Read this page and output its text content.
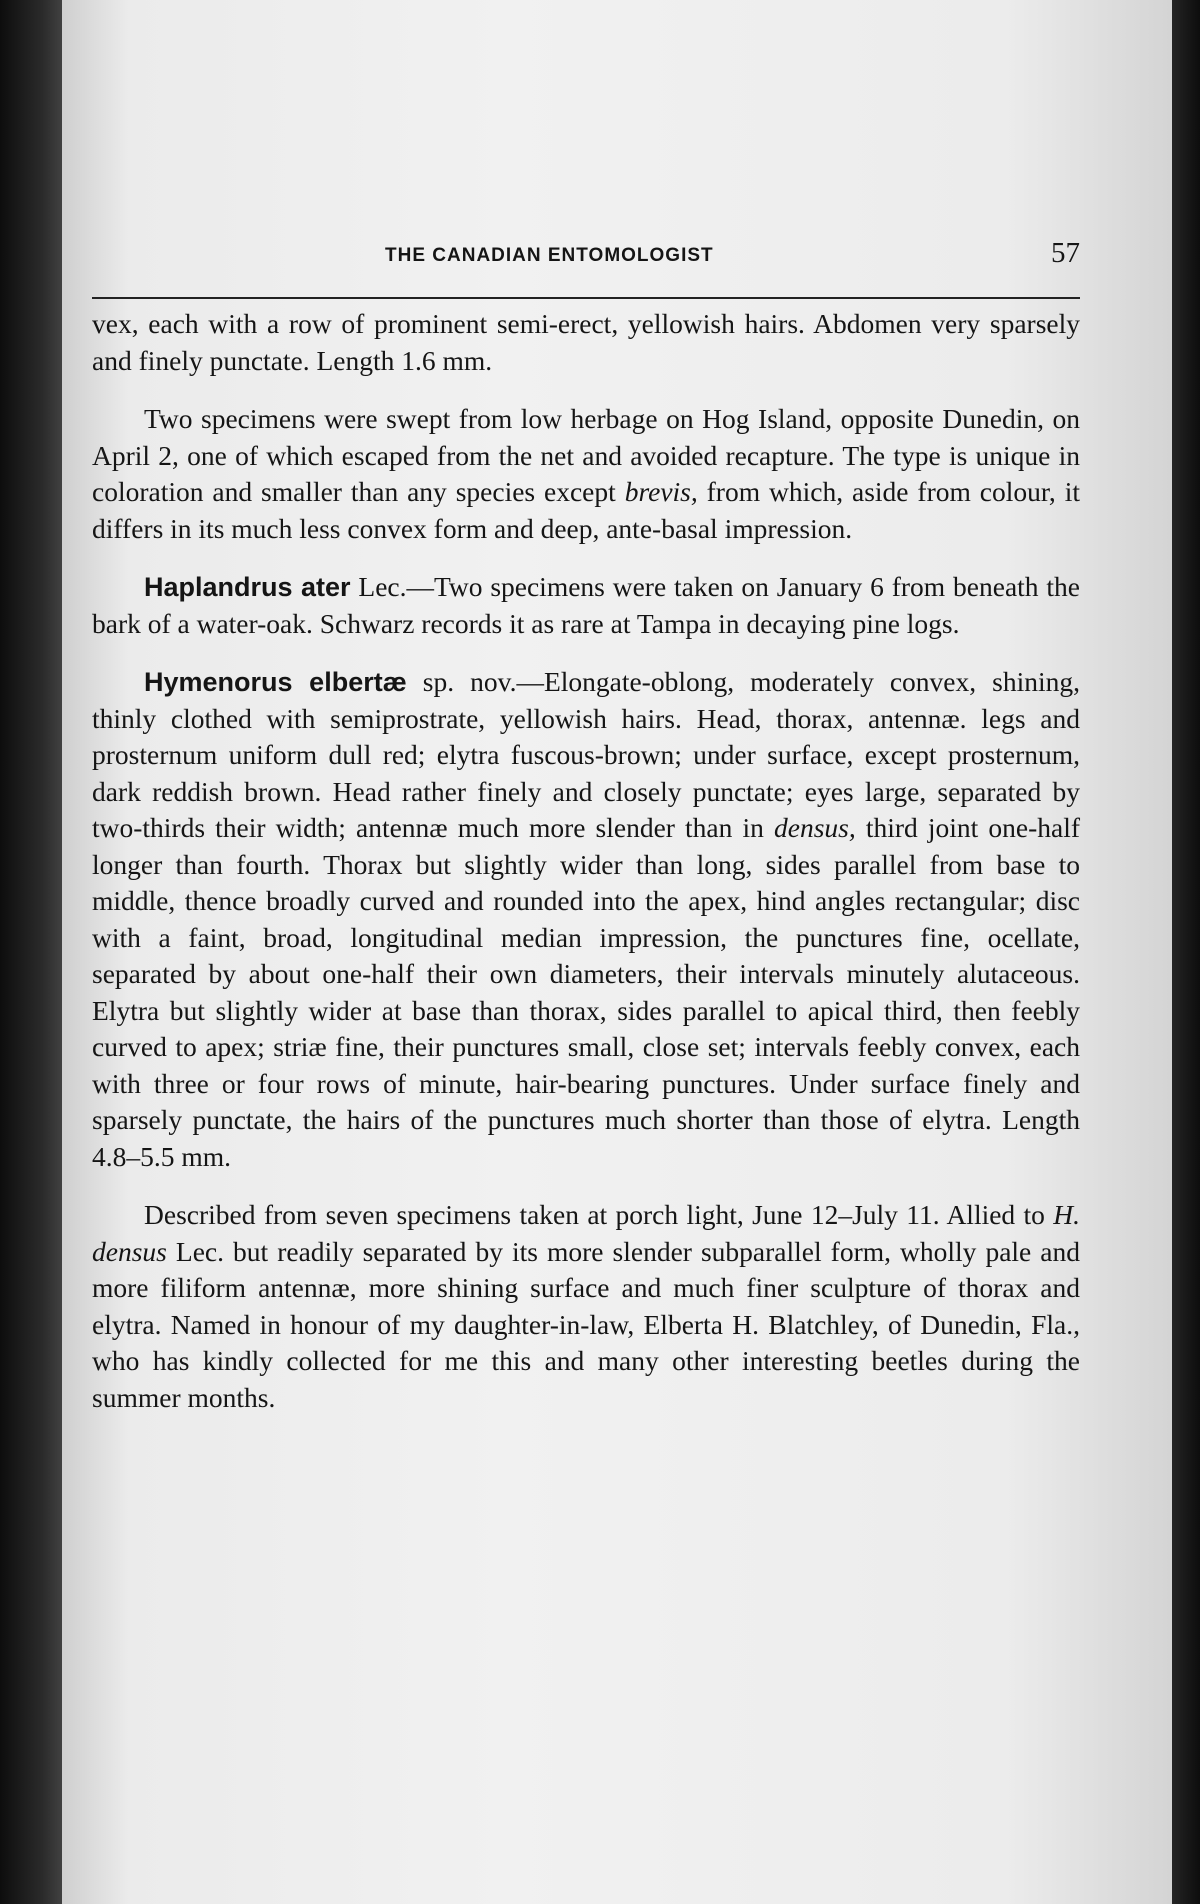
THE CANADIAN ENTOMOLOGIST	57

vex, each with a row of prominent semi-erect, yellowish hairs. Abdomen very sparsely and finely punctate. Length 1.6 mm.

Two specimens were swept from low herbage on Hog Island, opposite Dunedin, on April 2, one of which escaped from the net and avoided recapture. The type is unique in coloration and smaller than any species except brevis, from which, aside from colour, it differs in its much less convex form and deep, ante-basal impression.

Haplandrus ater Lec.—Two specimens were taken on January 6 from beneath the bark of a water-oak. Schwarz records it as rare at Tampa in decaying pine logs.

Hymenorus elbertæ sp. nov.—Elongate-oblong, moderately convex, shining, thinly clothed with semiprostrate, yellowish hairs. Head, thorax, antennæ. legs and prosternum uniform dull red; elytra fuscous-brown; under surface, except prosternum, dark reddish brown. Head rather finely and closely punctate; eyes large, separated by two-thirds their width; antennæ much more slender than in densus, third joint one-half longer than fourth. Thorax but slightly wider than long, sides parallel from base to middle, thence broadly curved and rounded into the apex, hind angles rectangular; disc with a faint, broad, longitudinal median impression, the punctures fine, ocellate, separated by about one-half their own diameters, their intervals minutely alutaceous. Elytra but slightly wider at base than thorax, sides parallel to apical third, then feebly curved to apex; striæ fine, their punctures small, close set; intervals feebly convex, each with three or four rows of minute, hair-bearing punctures. Under surface finely and sparsely punctate, the hairs of the punctures much shorter than those of elytra. Length 4.8–5.5 mm.

Described from seven specimens taken at porch light, June 12–July 11. Allied to H. densus Lec. but readily separated by its more slender subparallel form, wholly pale and more filiform antennæ, more shining surface and much finer sculpture of thorax and elytra. Named in honour of my daughter-in-law, Elberta H. Blatchley, of Dunedin, Fla., who has kindly collected for me this and many other interesting beetles during the summer months.
